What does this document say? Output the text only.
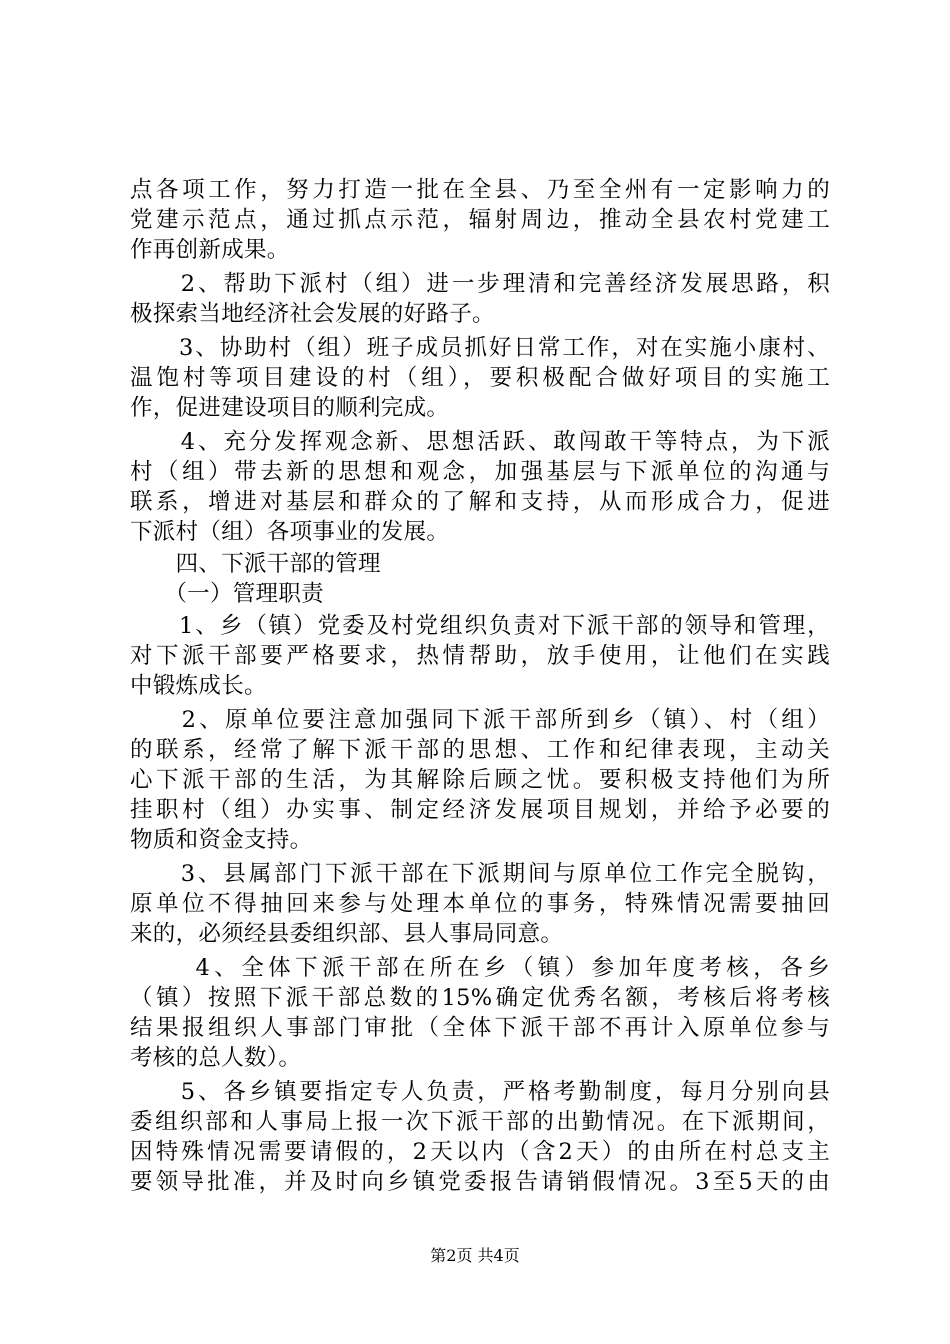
点各项工作，努力打造一批在全县、乃至全州有一定影响力的
党建示范点，通过抓点示范，辐射周边，推动全县农村党建工
作再创新成果。
　　2、帮助下派村（组）进一步理清和完善经济发展思路，积
极探索当地经济社会发展的好路子。
　　3、协助村（组）班子成员抓好日常工作，对在实施小康村、
温饱村等项目建设的村（组），要积极配合做好项目的实施工
作，促进建设项目的顺利完成。
　　4、充分发挥观念新、思想活跃、敢闯敢干等特点，为下派
村（组）带去新的思想和观念，加强基层与下派单位的沟通与
联系，增进对基层和群众的了解和支持，从而形成合力，促进
下派村（组）各项事业的发展。
　　四、下派干部的管理
　　（一）管理职责
　　1、乡（镇）党委及村党组织负责对下派干部的领导和管理，
对下派干部要严格要求，热情帮助，放手使用，让他们在实践
中锻炼成长。
　　2、原单位要注意加强同下派干部所到乡（镇）、村（组）
的联系，经常了解下派干部的思想、工作和纪律表现，主动关
心下派干部的生活，为其解除后顾之忧。要积极支持他们为所
挂职村（组）办实事、制定经济发展项目规划，并给予必要的
物质和资金支持。
　　3、县属部门下派干部在下派期间与原单位工作完全脱钩，
原单位不得抽回来参与处理本单位的事务，特殊情况需要抽回
来的，必须经县委组织部、县人事局同意。
　　 4、全体下派干部在所在乡（镇）参加年度考核，各乡
（镇）按照下派干部总数的15%确定优秀名额，考核后将考核
结果报组织人事部门审批（全体下派干部不再计入原单位参与
考核的总人数）。
　　5、各乡镇要指定专人负责，严格考勤制度，每月分别向县
委组织部和人事局上报一次下派干部的出勤情况。在下派期间，
因特殊情况需要请假的，2天以内（含2天）的由所在村总支主
要领导批准，并及时向乡镇党委报告请销假情况。3至5天的由
第2页 共4页
